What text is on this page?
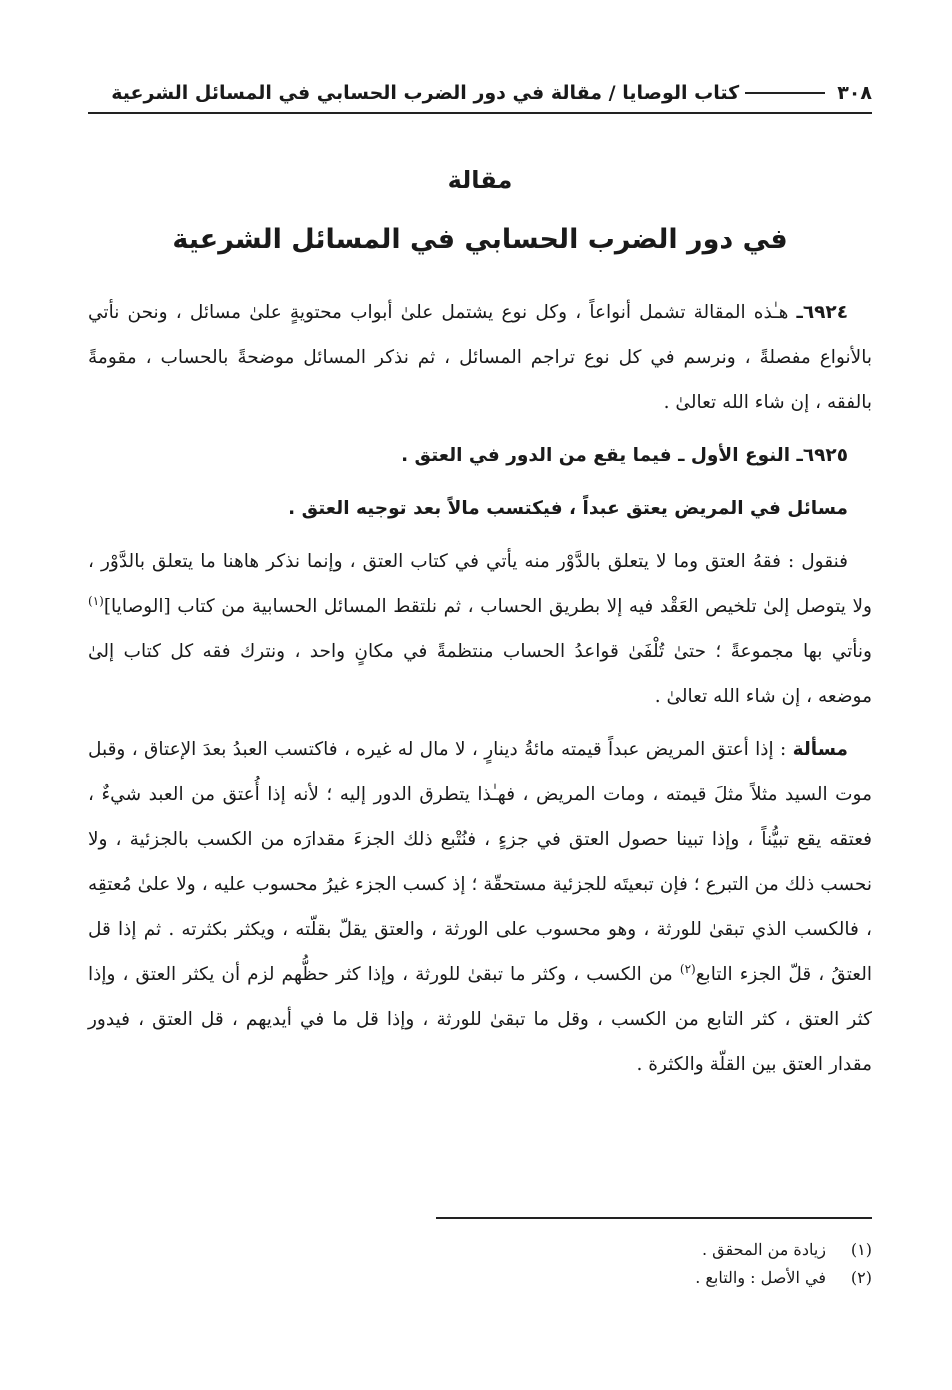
٣٠٨
كتاب الوصايا / مقالة في دور الضرب الحسابي في المسائل الشرعية
مقالة
في دور الضرب الحسابي في المسائل الشرعية

٦٩٢٤ـ هـٰذه المقالة تشمل أنواعاً ، وكل نوع يشتمل علىٰ أبواب محتويةٍ علىٰ مسائل ، ونحن نأتي بالأنواع مفصلةً ، ونرسم في كل نوع تراجم المسائل ، ثم نذكر المسائل موضحةً بالحساب ، مقومةً بالفقه ، إن شاء الله تعالىٰ .

٦٩٢٥ـ النوع الأول ـ فيما يقع من الدور في العتق .

مسائل في المريض يعتق عبداً ، فيكتسب مالاً بعد توجيه العتق .

فنقول : فقهُ العتق وما لا يتعلق بالدَّوْر منه يأتي في كتاب العتق ، وإنما نذكر هاهنا ما يتعلق بالدَّوْر ، ولا يتوصل إلىٰ تلخيص العَقْد فيه إلا بطريق الحساب ، ثم نلتقط المسائل الحسابية من كتاب [الوصايا]$^{(١)}$ ونأتي بها مجموعةً ؛ حتىٰ تُلْفَىٰ قواعدُ الحساب منتظمةً في مكانٍ واحد ، ونترك فقه كل كتاب إلىٰ موضعه ، إن شاء الله تعالىٰ .

مسألة : إذا أعتق المريض عبداً قيمته مائةُ دينارٍ ، لا مال له غيره ، فاكتسب العبدُ بعدَ الإعتاق ، وقبل موت السيد مثلاً مثلَ قيمته ، ومات المريض ، فهـٰذا يتطرق الدور إليه ؛ لأنه إذا أُعتق من العبد شيءٌ ، فعتقه يقع تبيُّناً ، وإذا تبينا حصول العتق في جزءٍ ، فنُتْبع ذلك الجزءَ مقدارَه من الكسب بالجزئية ، ولا نحسب ذلك من التبرع ؛ فإن تبعيتَه للجزئية مستحقّة ؛ إذ كسب الجزء غيرُ محسوب عليه ، ولا علىٰ مُعتقِه ، فالكسب الذي تبقىٰ للورثة ، وهو محسوب على الورثة ، والعتق يقلّ بقلّته ، ويكثر بكثرته . ثم إذا قل العتقُ ، قلّ الجزء التابع$^{(٢)}$ من الكسب ، وكثر ما تبقىٰ للورثة ، وإذا كثر حظُّهم لزم أن يكثر العتق ، وإذا كثر العتق ، كثر التابع من الكسب ، وقل ما تبقىٰ للورثة ، وإذا قل ما في أيديهم ، قل العتق ، فيدور مقدار العتق بين القلّة والكثرة .

(١)زيادة من المحقق .
(٢)في الأصل : والتابع .
